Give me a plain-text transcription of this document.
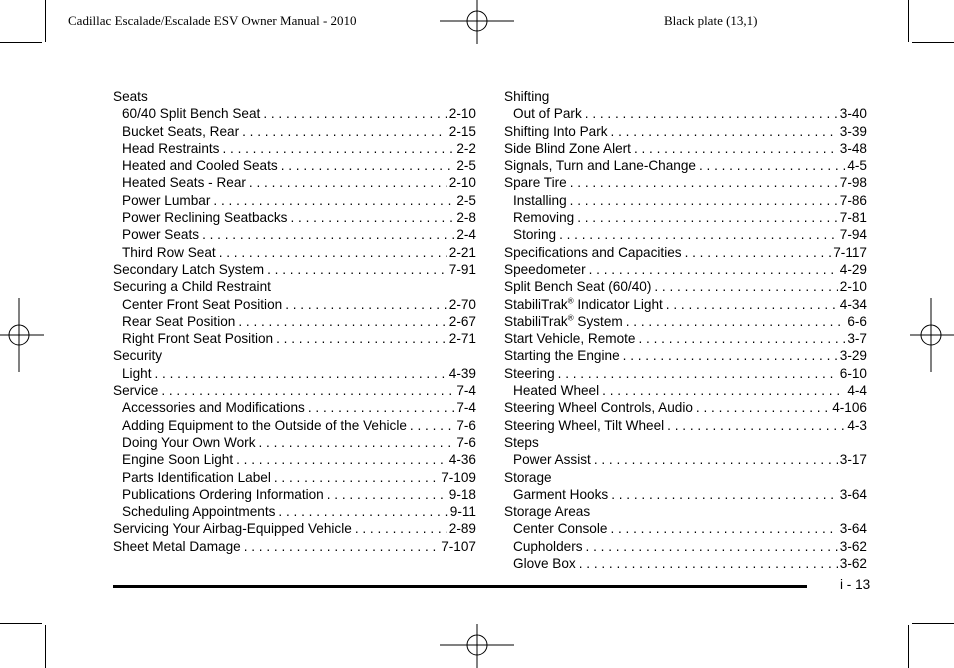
Cadillac Escalade/Escalade ESV Owner Manual - 2010	Black plate (13,1)
Seats
60/40 Split Bench Seat . . .	2-10
Bucket Seats, Rear . . .	2-15
Head Restraints . . .	2-2
Heated and Cooled Seats . . .	2-5
Heated Seats - Rear . . .	2-10
Power Lumbar . . .	2-5
Power Reclining Seatbacks . . .	2-8
Power Seats . . .	2-4
Third Row Seat . . .	2-21
Secondary Latch System . . .	7-91
Securing a Child Restraint
Center Front Seat Position . . .	2-70
Rear Seat Position . . .	2-67
Right Front Seat Position . . .	2-71
Security
Light . . .	4-39
Service . . .	7-4
Accessories and Modifications . . .	7-4
Adding Equipment to the Outside of the Vehicle . . .	7-6
Doing Your Own Work . . .	7-6
Engine Soon Light . . .	4-36
Parts Identification Label . . .	7-109
Publications Ordering Information . . .	9-18
Scheduling Appointments . . .	9-11
Servicing Your Airbag-Equipped Vehicle . . .	2-89
Sheet Metal Damage . . .	7-107
Shifting
Out of Park . . .	3-40
Shifting Into Park . . .	3-39
Side Blind Zone Alert . . .	3-48
Signals, Turn and Lane-Change . . .	4-5
Spare Tire . . .	7-98
Installing . . .	7-86
Removing . . .	7-81
Storing . . .	7-94
Specifications and Capacities . . .	7-117
Speedometer . . .	4-29
Split Bench Seat (60/40) . . .	2-10
StabiliTrak® Indicator Light . . .	4-34
StabiliTrak® System . . .	6-6
Start Vehicle, Remote . . .	3-7
Starting the Engine . . .	3-29
Steering . . .	6-10
Heated Wheel . . .	4-4
Steering Wheel Controls, Audio . . .	4-106
Steering Wheel, Tilt Wheel . . .	4-3
Steps
Power Assist . . .	3-17
Storage
Garment Hooks . . .	3-64
Storage Areas
Center Console . . .	3-64
Cupholders . . .	3-62
Glove Box . . .	3-62
i - 13
